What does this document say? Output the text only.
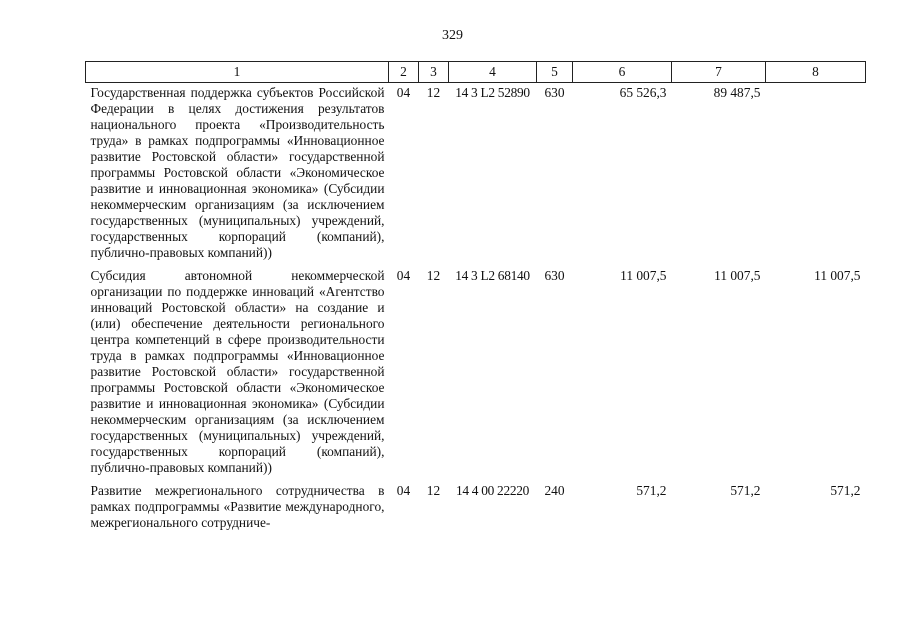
329
1	2	3	4	5	6	7	8
Государственная поддержка субъектов Российской Федерации в целях достижения результатов национального проекта «Производительность труда» в рамках подпрограммы «Инновационное развитие Ростовской области» государственной программы Ростовской области «Экономическое развитие и инновационная экономика» (Субсидии некоммерческим организациям (за исключением государственных (муниципальных) учреждений, государственных корпораций (компаний), публично-правовых компаний))	04	12	14 3 L2 52890	630	65 526,3	89 487,5	
Субсидия автономной некоммерческой организации по поддержке инноваций «Агентство инноваций Ростовской области» на создание и (или) обеспечение деятельности регионального центра компетенций в сфере производительности труда в рамках подпрограммы «Инновационное развитие Ростовской области» государственной программы Ростовской области «Экономическое развитие и инновационная экономика» (Субсидии некоммерческим организациям (за исключением государственных (муниципальных) учреждений, государственных корпораций (компаний), публично-правовых компаний))	04	12	14 3 L2 68140	630	11 007,5	11 007,5	11 007,5
Развитие межрегионального сотрудничества в рамках подпрограммы «Развитие международного, межрегионального сотрудниче-	04	12	14 4 00 22220	240	571,2	571,2	571,2
